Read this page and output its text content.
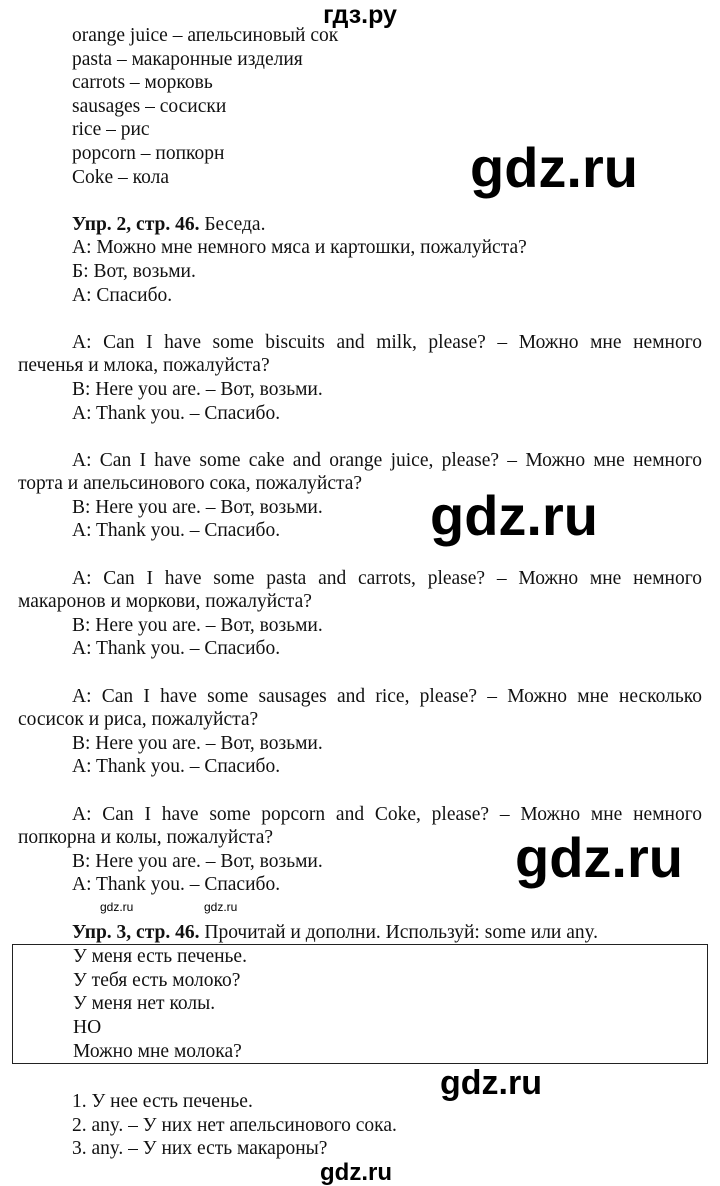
orange juice – апельсиновый сок
pasta – макаронные изделия
carrots – морковь
sausages – сосиски
rice – рис
popcorn – попкорн
Coke – кола
Упр. 2, стр. 46. Беседа.
А: Можно мне немного мяса и картошки, пожалуйста?
Б: Вот, возьми.
А: Спасибо.
A: Can I have some biscuits and milk, please? – Можно мне немного
печенья и млока, пожалуйста?
B: Here you are. – Вот, возьми.
A: Thank you. – Спасибо.
A: Can I have some cake and orange juice, please? – Можно мне немного
торта и апельсинового сока, пожалуйста?
B: Here you are. – Вот, возьми.
A: Thank you. – Спасибо.
A: Can I have some pasta and carrots, please? – Можно мне немного
макаронов и моркови, пожалуйста?
B: Here you are. – Вот, возьми.
A: Thank you. – Спасибо.
A: Can I have some sausages and rice, please? – Можно мне несколько
сосисок и риса, пожалуйста?
B: Here you are. – Вот, возьми.
A: Thank you. – Спасибо.
A: Can I have some popcorn and Coke, please? – Можно мне немного
попкорна и колы, пожалуйста?
B: Here you are. – Вот, возьми.
A: Thank you. – Спасибо.
Упр. 3, стр. 46. Прочитай и дополни. Используй: some или any.
У меня есть печенье.
У тебя есть молоко?
У меня нет колы.
НО
Можно мне молока?
1. У нее есть печенье.
2. any. – У них нет апельсинового сока.
3. any. – У них есть макароны?
гдз.ру
gdz.ru
gdz.ru
gdz.ru
gdz.ru
gdz.ru
gdz.ru	gdz.ru
